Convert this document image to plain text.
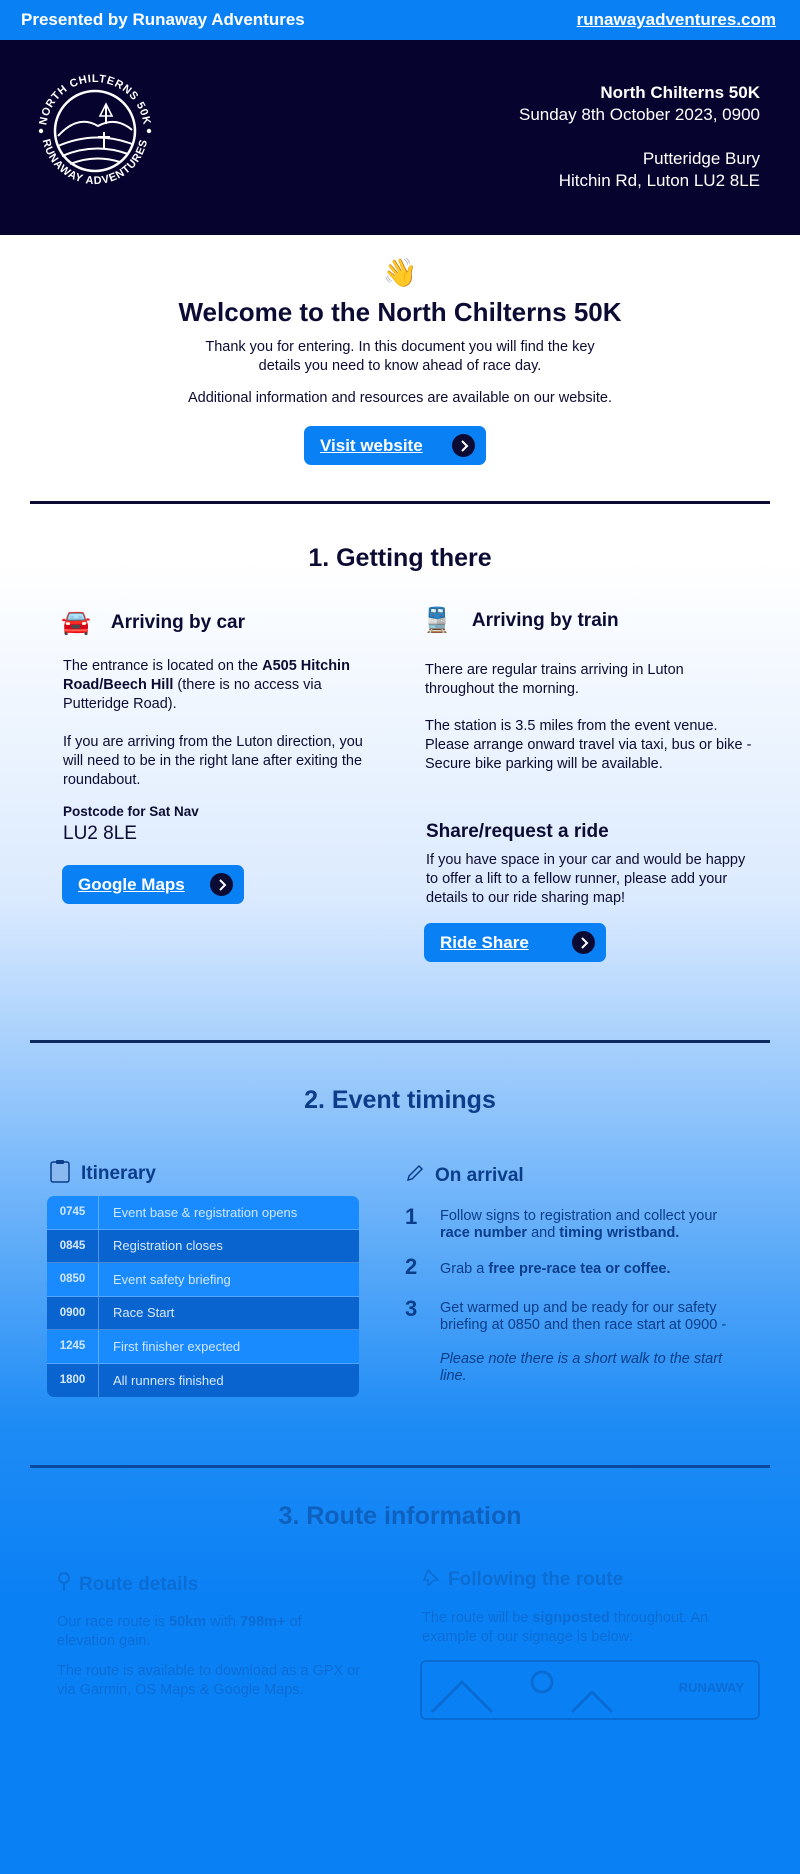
Presented by Runaway Adventures	runawayadventures.com
NORTH CHILTERNS 50K
RUNAWAY ADVENTURES
North Chilterns 50K
Sunday 8th October 2023, 0900
Putteridge Bury
Hitchin Rd, Luton LU2 8LE
👋
Welcome to the North Chilterns 50K
Thank you for entering. In this document you will find the key
details you need to know ahead of race day.
Additional information and resources are available on our website.
Visit website
1. Getting there
🚘 Arriving by car
The entrance is located on the A505 Hitchin Road/Beech Hill (there is no access via Putteridge Road).
If you are arriving from the Luton direction, you will need to be in the right lane after exiting the roundabout.
Postcode for Sat Nav
LU2 8LE
Google Maps
🚆 Arriving by train
There are regular trains arriving in Luton throughout the morning.
The station is 3.5 miles from the event venue. Please arrange onward travel via taxi, bus or bike - Secure bike parking will be available.
Share/request a ride
If you have space in your car and would be happy to offer a lift to a fellow runner, please add your details to our ride sharing map!
Ride Share
2. Event timings
Itinerary
0745	Event base & registration opens
0845	Registration closes
0850	Event safety briefing
0900	Race Start
1245	First finisher expected
1800	All runners finished
On arrival
1	Follow signs to registration and collect your race number and timing wristband.
2	Grab a free pre-race tea or coffee.
3	Get warmed up and be ready for our safety briefing at 0850 and then race start at 0900 -

Please note there is a short walk to the start line.
3. Route information
Route details
Our race route is 50km with 798m+ of elevation gain.
The route is available to download as a GPX or via Garmin, OS Maps & Google Maps.
Following the route
The route will be signposted throughout. An example of our signage is below:
RUNAWAY
